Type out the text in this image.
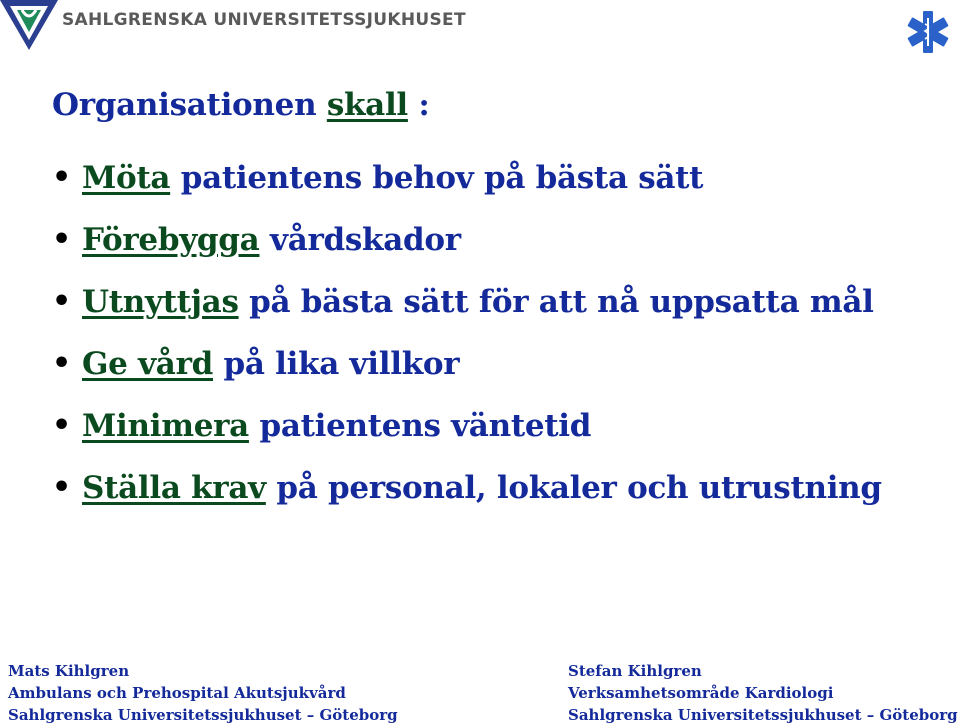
SAHLGRENSKA UNIVERSITETSSJUKHUSET
Organisationen skall :
• Möta patientens behov på bästa sätt
• Förebygga vårdskador
• Utnyttjas på bästa sätt för att nå uppsatta mål
• Ge vård på lika villkor
• Minimera patientens väntetid
• Ställa krav på personal, lokaler och utrustning
Mats Kihlgren
Ambulans och Prehospital Akutsjukvård
Sahlgrenska Universitetssjukhuset – Göteborg
Stefan Kihlgren
Verksamhetsområde Kardiologi
Sahlgrenska Universitetssjukhuset – Göteborg
